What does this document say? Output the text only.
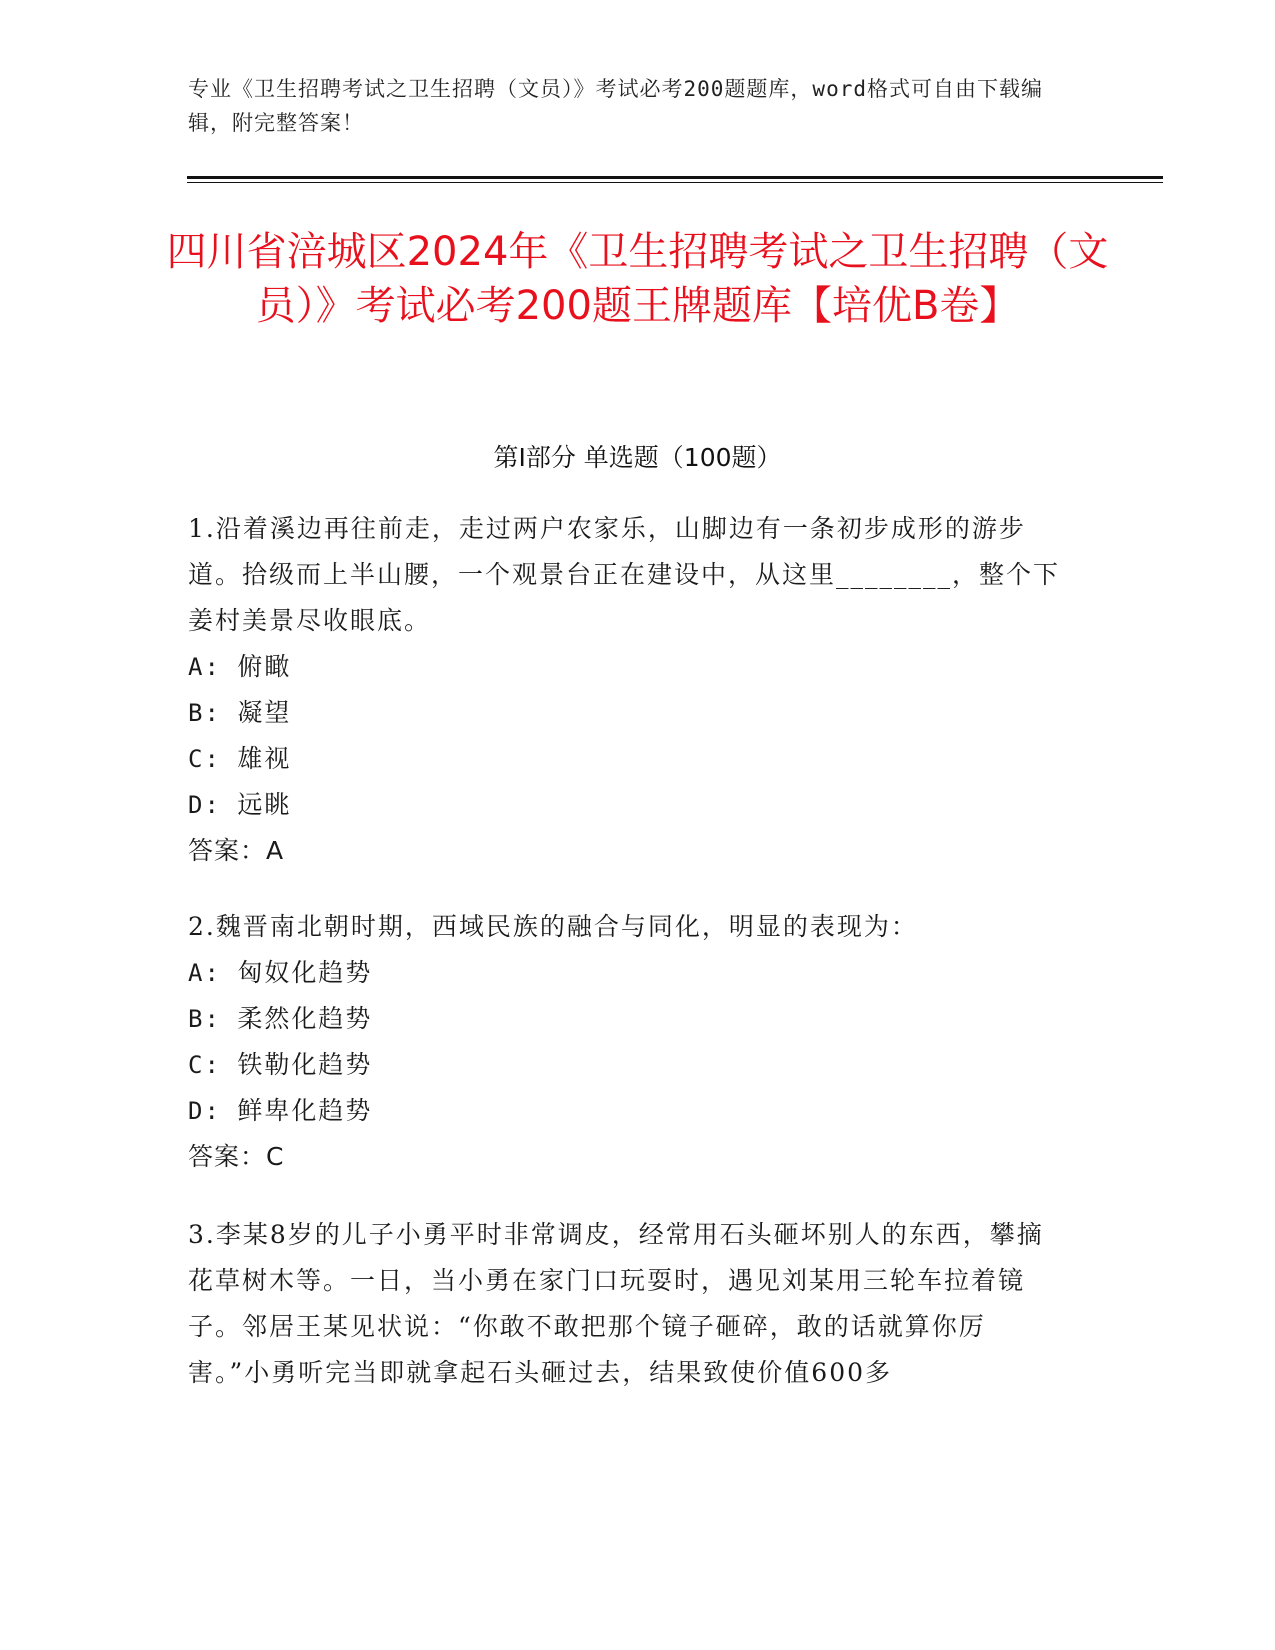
专业《卫生招聘考试之卫生招聘（文员）》考试必考200题题库，word格式可自由下载编辑，附完整答案！
四川省涪城区2024年《卫生招聘考试之卫生招聘（文员）》考试必考200题王牌题库【培优B卷】
第Ⅰ部分 单选题（100题）

1.沿着溪边再往前走，走过两户农家乐，山脚边有一条初步成形的游步道。拾级而上半山腰，一个观景台正在建设中，从这里________，整个下姜村美景尽收眼底。

A: 俯瞰

B: 凝望

C: 雄视

D: 远眺

答案：A

2.魏晋南北朝时期，西域民族的融合与同化，明显的表现为：

A: 匈奴化趋势

B: 柔然化趋势

C: 铁勒化趋势

D: 鲜卑化趋势

答案：C

3.李某8岁的儿子小勇平时非常调皮，经常用石头砸坏别人的东西，攀摘花草树木等。一日，当小勇在家门口玩耍时，遇见刘某用三轮车拉着镜子。邻居王某见状说：“你敢不敢把那个镜子砸碎，敢的话就算你厉害。”小勇听完当即就拿起石头砸过去，结果致使价值600多
